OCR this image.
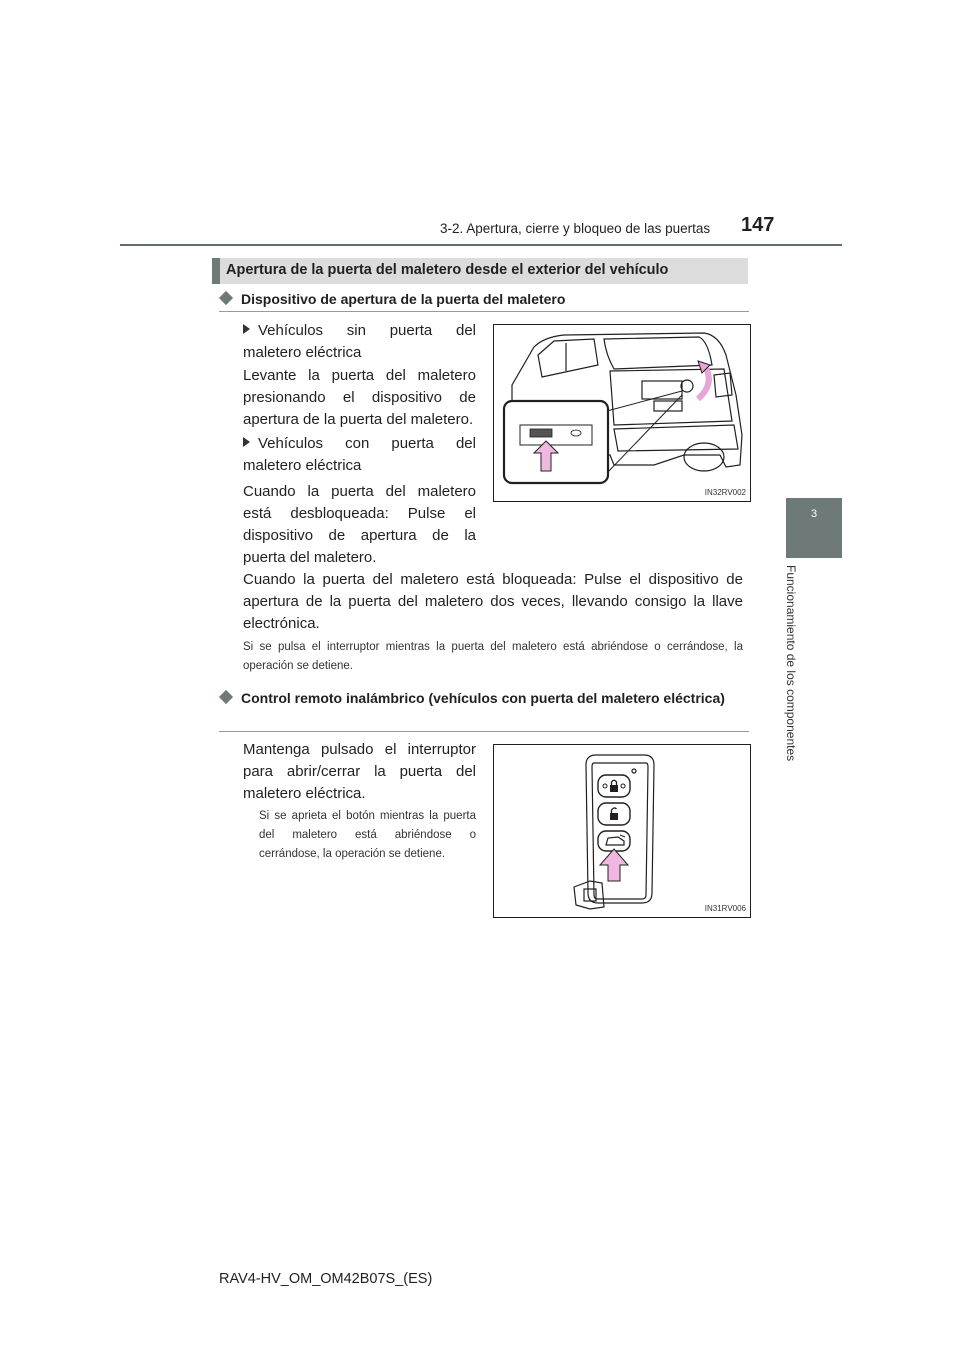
3-2. Apertura, cierre y bloqueo de las puertas 147
3
Funcionamiento de los componentes
Apertura de la puerta del maletero desde el exterior del vehículo
Dispositivo de apertura de la puerta del maletero
Vehículos sin puerta del maletero eléctrica
Levante la puerta del maletero presionando el dispositivo de apertura de la puerta del maletero.
Vehículos con puerta del maletero eléctrica
Cuando la puerta del maletero está desbloqueada: Pulse el dispositivo de apertura de la puerta del maletero.
IN32RV002
Cuando la puerta del maletero está bloqueada: Pulse el dispositivo de apertura de la puerta del maletero dos veces, llevando consigo la llave electrónica.
Si se pulsa el interruptor mientras la puerta del maletero está abriéndose o cerrándose, la operación se detiene.
Control remoto inalámbrico (vehículos con puerta del maletero eléctrica)
Mantenga pulsado el interruptor para abrir/cerrar la puerta del maletero eléctrica.
Si se aprieta el botón mientras la puerta del maletero está abriéndose o cerrándose, la operación se detiene.
IN31RV006
RAV4-HV_OM_OM42B07S_(ES)
